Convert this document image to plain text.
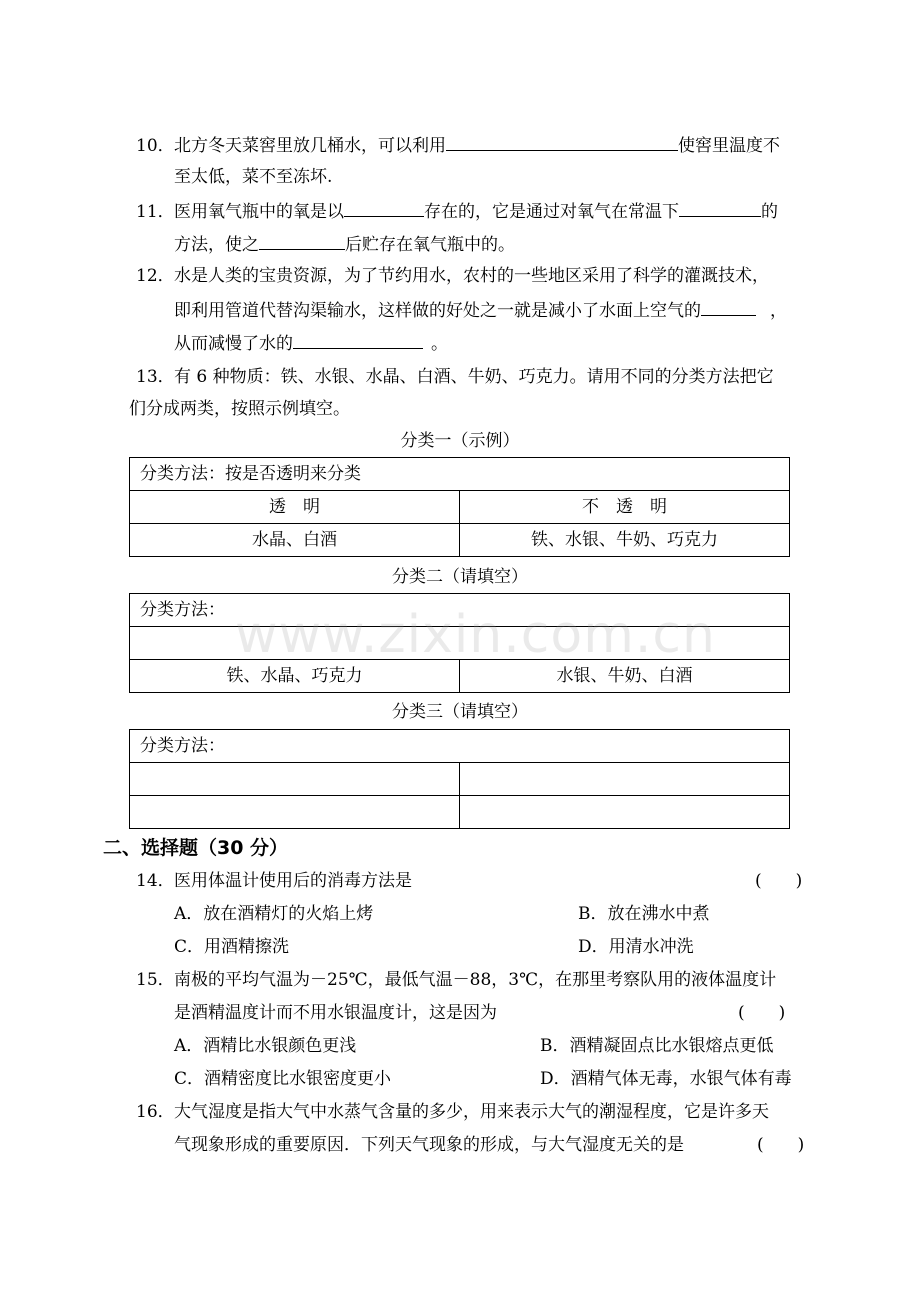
10．北方冬天菜窖里放几桶水，可以利用	使窖里温度不
至太低，菜不至冻坏.
11．医用氧气瓶中的氧是以	存在的，它是通过对氧气在常温下	的
方法，使之	后贮存在氧气瓶中的。
12．水是人类的宝贵资源，为了节约用水，农村的一些地区采用了科学的灌溉技术，
即利用管道代替沟渠输水，这样做的好处之一就是减小了水面上空气的	，
从而减慢了水的	。
13．有 6 种物质：铁、水银、水晶、白酒、牛奶、巧克力。请用不同的分类方法把它
们分成两类，按照示例填空。
分类一（示例）
分类方法：按是否透明来分类	
透　明	不　透　明
水晶、白酒	铁、水银、牛奶、巧克力
分类二（请填空）
分类方法：

铁、水晶、巧克力	水银、牛奶、白酒
分类三（请填空）
分类方法：	

www.zixin.com.cn
二、选择题（30 分）
14．医用体温计使用后的消毒方法是	(　　)
A．放在酒精灯的火焰上烤	B．放在沸水中煮
C．用酒精擦洗	D．用清水冲洗
15．南极的平均气温为－25℃，最低气温－88，3℃，在那里考察队用的液体温度计
是酒精温度计而不用水银温度计，这是因为	(　　)
A．酒精比水银颜色更浅	B．酒精凝固点比水银熔点更低
C．酒精密度比水银密度更小	D．酒精气体无毒，水银气体有毒
16．大气湿度是指大气中水蒸气含量的多少，用来表示大气的潮湿程度，它是许多天
气现象形成的重要原因．下列天气现象的形成，与大气湿度无关的是	(　　)
